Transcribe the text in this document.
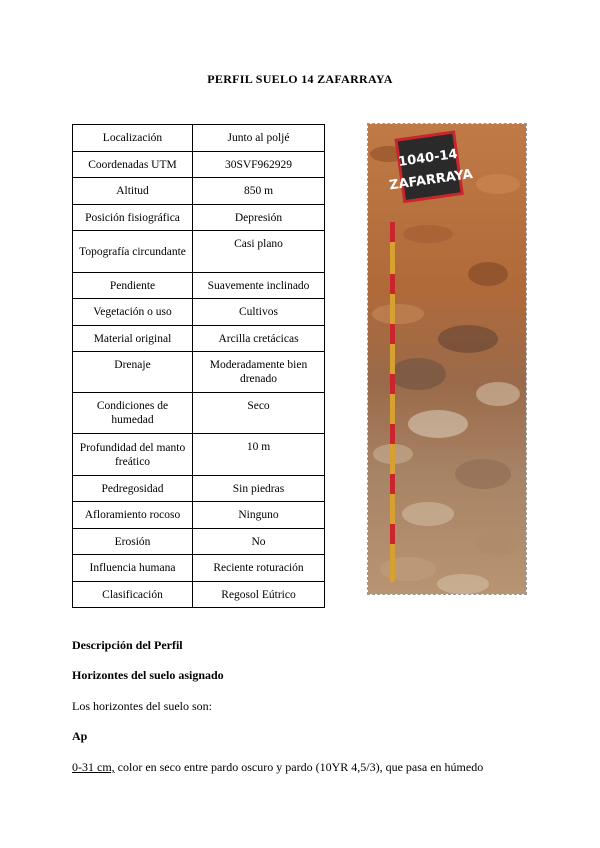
PERFIL SUELO 14 ZAFARRAYA
Localización	Junto al poljé
Coordenadas UTM	30SVF962929
Altitud	850 m
Posición fisiográfica	Depresión
Topografía circundante	Casi plano
Pendiente	Suavemente inclinado
Vegetación o uso	Cultivos
Material original	Arcilla cretácicas
Drenaje	Moderadamente bien drenado
Condiciones de humedad	Seco
Profundidad del manto freático	10 m
Pedregosidad	Sin piedras
Afloramiento rocoso	Ninguno
Erosión	No
Influencia humana	Reciente roturación
Clasificación	Regosol Eútrico
1040-14
ZAFARRAYA
Descripción del Perfil
Horizontes del suelo asignado
Los horizontes del suelo son:
Ap
0-31 cm, color en seco entre pardo oscuro y pardo (10YR 4,5/3), que pasa en húmedo
